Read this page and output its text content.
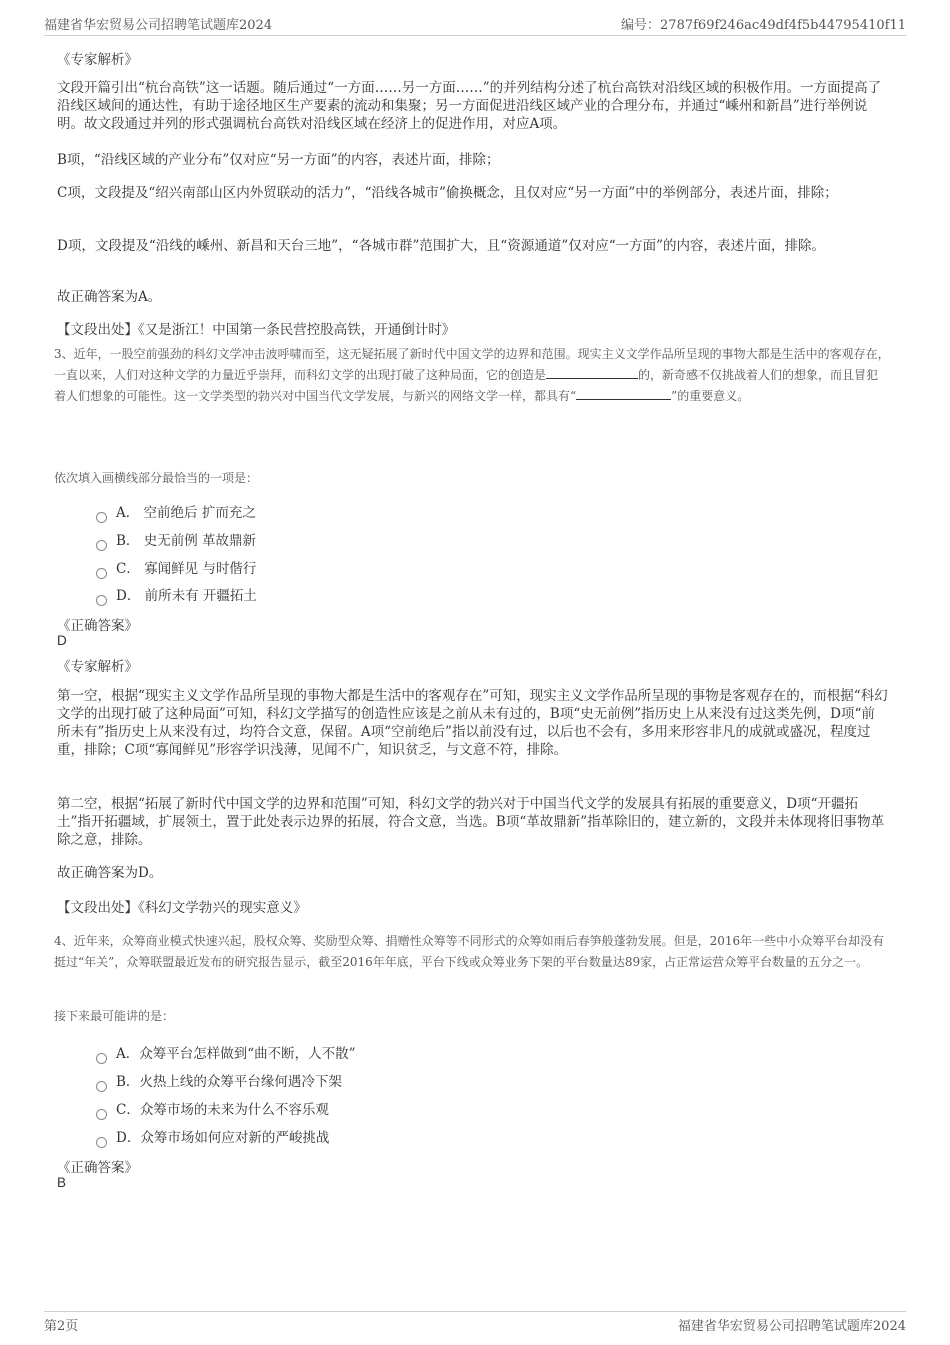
福建省华宏贸易公司招聘笔试题库2024	编号：2787f69f246ac49df4f5b44795410f11
《专家解析》

文段开篇引出“杭台高铁”这一话题。随后通过“一方面……另一方面……”的并列结构分述了杭台高铁对沿线区域的积极作用。一方面提高了沿线区域间的通达性，有助于途径地区生产要素的流动和集聚；另一方面促进沿线区域产业的合理分布，并通过“嵊州和新昌”进行举例说明。故文段通过并列的形式强调杭台高铁对沿线区域在经济上的促进作用，对应A项。

B项，“沿线区域的产业分布”仅对应“另一方面”的内容，表述片面，排除；

C项，文段提及“绍兴南部山区内外贸联动的活力”，“沿线各城市”偷换概念，且仅对应“另一方面”中的举例部分，表述片面，排除；

D项，文段提及“沿线的嵊州、新昌和天台三地”，“各城市群”范围扩大，且“资源通道”仅对应“一方面”的内容，表述片面，排除。

故正确答案为A。
【文段出处】《又是浙江！中国第一条民营控股高铁，开通倒计时》
3、近年，一股空前强劲的科幻文学冲击波呼啸而至，这无疑拓展了新时代中国文学的边界和范围。现实主义文学作品所呈现的事物大都是生活中的客观存在，一直以来，人们对这种文学的力量近乎崇拜，而科幻文学的出现打破了这种局面，它的创造是	的，新奇感不仅挑战着人们的想象，而且冒犯着人们想象的可能性。这一文学类型的勃兴对中国当代文学发展，与新兴的网络文学一样，都具有“	”的重要意义。
依次填入画横线部分最恰当的一项是：
A． 空前绝后 扩而充之
B． 史无前例 革故鼎新
C． 寡闻鲜见 与时偕行
D． 前所未有 开疆拓土
《正确答案》
D
《专家解析》

第一空，根据“现实主义文学作品所呈现的事物大都是生活中的客观存在”可知，现实主义文学作品所呈现的事物是客观存在的，而根据“科幻文学的出现打破了这种局面”可知，科幻文学描写的创造性应该是之前从未有过的，B项“史无前例”指历史上从来没有过这类先例，D项“前所未有”指历史上从来没有过，均符合文意，保留。A项“空前绝后”指以前没有过，以后也不会有，多用来形容非凡的成就或盛况，程度过重，排除；C项“寡闻鲜见”形容学识浅薄，见闻不广，知识贫乏，与文意不符，排除。

第二空，根据“拓展了新时代中国文学的边界和范围”可知，科幻文学的勃兴对于中国当代文学的发展具有拓展的重要意义，D项“开疆拓土”指开拓疆域，扩展领土，置于此处表示边界的拓展，符合文意，当选。B项“革故鼎新”指革除旧的，建立新的，文段并未体现将旧事物革除之意，排除。

故正确答案为D。
【文段出处】《科幻文学勃兴的现实意义》
4、近年来，众筹商业模式快速兴起，股权众筹、奖励型众筹、捐赠性众筹等不同形式的众筹如雨后春笋般蓬勃发展。但是，2016年一些中小众筹平台却没有挺过“年关”，众筹联盟最近发布的研究报告显示，截至2016年年底，平台下线或众筹业务下架的平台数量达89家，占正常运营众筹平台数量的五分之一。
接下来最可能讲的是：
A．众筹平台怎样做到“曲不断，人不散”
B．火热上线的众筹平台缘何遇冷下架
C．众筹市场的未来为什么不容乐观
D．众筹市场如何应对新的严峻挑战
《正确答案》
B
第2页	福建省华宏贸易公司招聘笔试题库2024
